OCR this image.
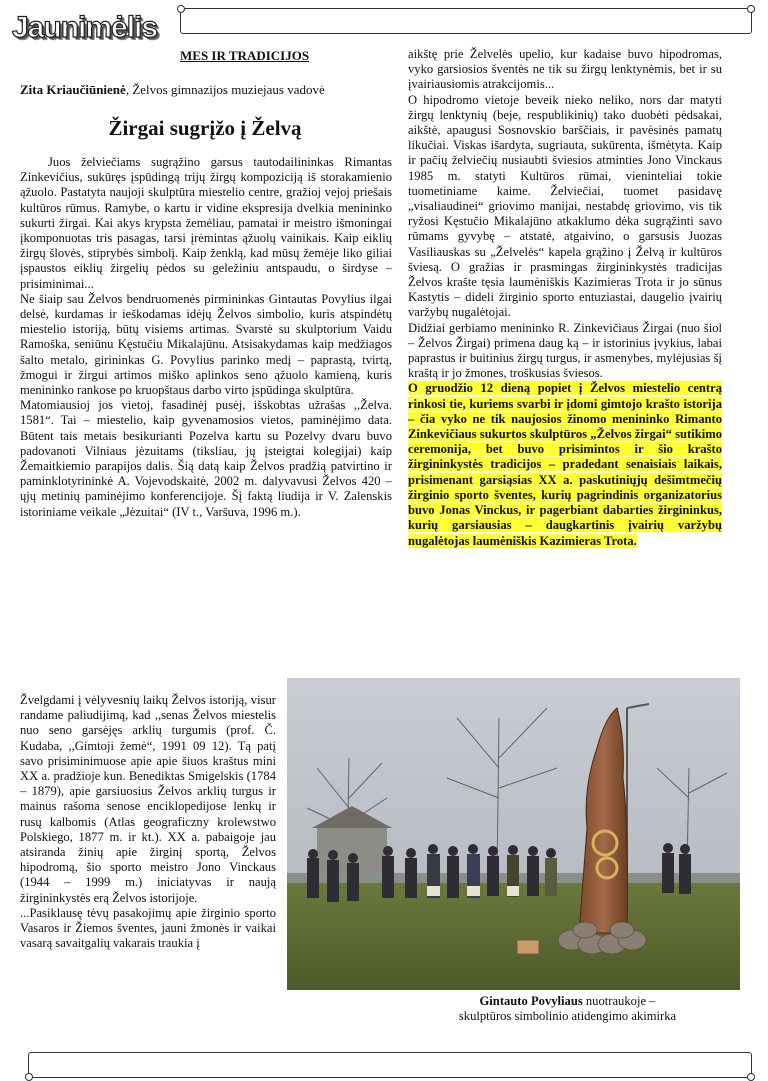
Jaunimėlis
MES IR TRADICIJOS
Zita Kriaučiūnienė, Želvos gimnazijos muziejaus vadovė
Žirgai sugrįžo į Želvą

Juos želviečiams sugrąžino garsus tautodailininkas Rimantas Zinkevičius, sukūręs įspūdingą trijų žirgų kompoziciją iš storakamienio ąžuolo. Pastatyta naujoji skulptūra miestelio centre, gražioj vejoj priešais kultūros rūmus. Ramybe, o kartu ir vidine ekspresija dvelkia menininko sukurti žirgai. Kai akys krypsta žemėliau, pamatai ir meistro išmoningai įkomponuotas tris pasagas, tarsi įrėmintas ąžuolų vainikais. Kaip eiklių žirgų šlovės, stiprybės simbolį. Kaip ženklą, kad mūsų žemėje liko giliai įspaustos eiklių žirgelių pėdos su geležiniu antspaudu, o širdyse – prisiminimai...

Ne šiaip sau Želvos bendruomenės pirmininkas Gintautas Povylius ilgai delsė, kurdamas ir ieškodamas idėjų Želvos simbolio, kuris atspindėtų miestelio istoriją, būtų visiems artimas. Svarstė su skulptorium Vaidu Ramoška, seniūnu Kęstučiu Mikalajūnu. Atsisakydamas kaip medžiagos šalto metalo, girininkas G. Povylius parinko medį – paprastą, tvirtą, žmogui ir žirgui artimos miško aplinkos seno ąžuolo kamieną, kuris menininko rankose po kruopštaus darbo virto įspūdinga skulptūra.

Matomiausioj jos vietoj, fasadinėj pusėj, išskobtas užrašas ,,Želva. 1581“. Tai – miestelio, kaip gyvenamosios vietos, paminėjimo data. Būtent tais metais besikurianti Pozelva kartu su Pozelvy dvaru buvo padovanoti Vilniaus jėzuitams (tiksliau, jų įsteigtai kolegijai) kaip Žemaitkiemio parapijos dalis. Šią datą kaip Želvos pradžią patvirtino ir paminklotyrininkė A. Vojevodskaitė, 2002 m. dalyvavusi Želvos 420 – ųjų metinių paminėjimo konferencijoje. Šį faktą liudija ir V. Zalenskis istoriniame veikale „Jėzuitai“ (IV t., Varšuva, 1996 m.).

Žvelgdami į vėlyvesnių laikų Želvos istoriją, visur randame paliudijimą, kad ,,senas Želvos miestelis nuo seno garsėjęs arklių turgumis (prof. Č. Kudaba, ,,Gimtoji žemė“, 1991 09 12). Tą patį savo prisiminimuose apie apie šiuos kraštus mini XX a. pradžioje kun. Benediktas Smigelskis (1784 – 1879), apie garsiuosius Želvos arklių turgus ir mainus rašoma senose enciklopedijose lenkų ir rusų kalbomis (Atlas geograficzny krolewstwo Polskiego, 1877 m. ir kt.). XX a. pabaigoje jau atsiranda žinių apie žirginį sportą, Želvos hipodromą, šio sporto meistro Jono Vinckaus (1944 – 1999 m.) iniciatyvas ir naują žirgininkystės erą Želvos istorijoje.

...Pasiklausę tėvų pasakojimų apie žirginio sporto Vasaros ir Žiemos šventes, jauni žmonės ir vaikai vasarą savaitgalių vakarais traukia į

aikštę prie Želvelės upelio, kur kadaise buvo hipodromas, vyko garsiosios šventės ne tik su žirgų lenktynėmis, bet ir su įvairiausiomis atrakcijomis...

O hipodromo vietoje beveik nieko neliko, nors dar matyti žirgų lenktynių (beje, respublikinių) tako duobėti pėdsakai, aikštė, apaugusi Sosnovskio barščiais, ir pavėsinės pamatų likučiai. Viskas išardyta, sugriauta, sukūrenta, išmėtyta. Kaip ir pačių želviečių nusiaubti šviesios atminties Jono Vinckaus 1985 m. statyti Kultūros rūmai, vieninteliai tokie tuometiniame kaime. Želviečiai, tuomet pasidavę „visaliaudinei“ griovimo manijai, nestabdę griovimo, vis tik ryžosi Kęstučio Mikalajūno atkaklumo dėka sugrąžinti savo rūmams gyvybę – atstatė, atgaivino, o garsusis Juozas Vasiliauskas su „Želvelės“ kapela grąžino į Želvą ir kultūros šviesą. O gražias ir prasmingas žirgininkystės tradicijas Želvos krašte tęsia laumėniškis Kazimieras Trota ir jo sūnus Kastytis – dideli žirginio sporto entuziastai, daugelio įvairių varžybų nugalėtojai.

Didžiai gerbiamo menininko R. Zinkevičiaus Žirgai (nuo šiol – Želvos Žirgai) primena daug ką – ir istorinius įvykius, labai paprastus ir buitinius žirgų turgus, ir asmenybes, mylėjusias šį kraštą ir jo žmones, troškusias šviesos.

O gruodžio 12 dieną popiet į Želvos miestelio centrą rinkosi tie, kuriems svarbi ir įdomi gimtojo krašto istorija – čia vyko ne tik naujosios žinomo menininko Rimanto Zinkevičiaus sukurtos skulptūros „Želvos žirgai“ sutikimo ceremonija, bet buvo prisimintos ir šio krašto žirgininkystės tradicijos – pradedant senaisiais laikais, prisimenant garsiąsias XX a. paskutiniųjų dešimtmečių žirginio sporto šventes, kurių pagrindinis organizatorius buvo Jonas Vinckus, ir pagerbiant dabarties žirgininkus, kurių garsiausias – daugkartinis įvairių varžybų nugalėtojas laumėniškis Kazimieras Trota.

Gintauto Povyliaus nuotraukoje –
skulptūros simbolinio atidengimo akimirka
